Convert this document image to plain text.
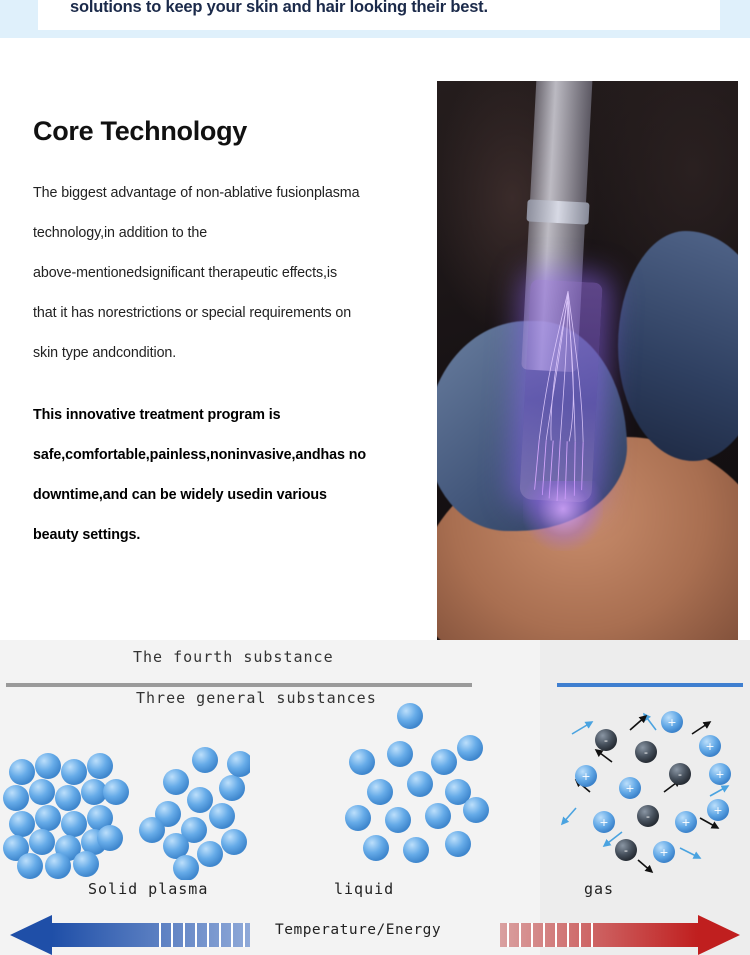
solutions to keep your skin and hair looking their best.
Core Technology

The biggest advantage of non-ablative fusionplasma

technology,in addition to the

above-mentionedsignificant therapeutic effects,is

that it has norestrictions or special requirements on

skin type andcondition.

This innovative treatment program is

safe,comfortable,painless,noninvasive,andhas no

downtime,and can be widely usedin various

beauty settings.

The fourth substance
Three general substances
+
+
+
+
+
+	+
+
+
-
-
-
-
-
Solid plasma	liquid	gas
Temperature/Energy
